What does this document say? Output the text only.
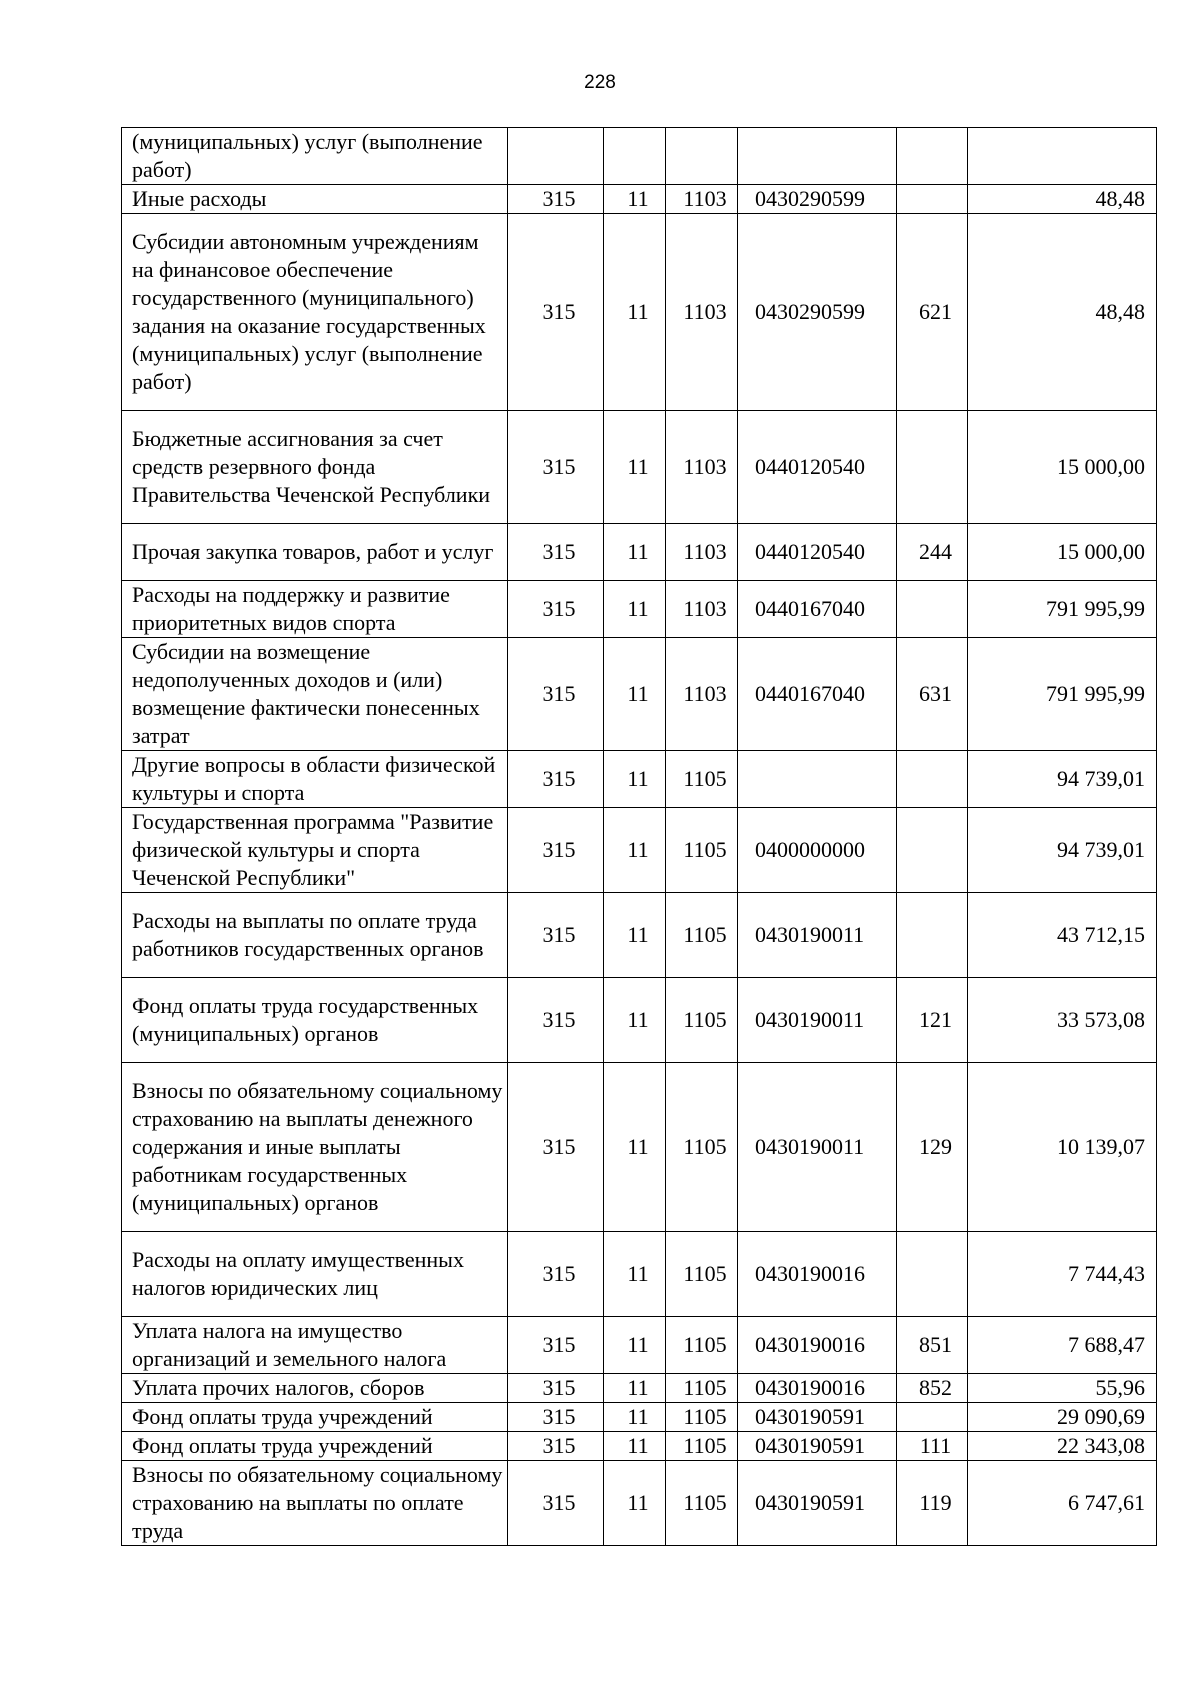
228
(муниципальных) услуг (выполнение работ)						
Иные расходы	315	11	1103	0430290599		48,48
Субсидии автономным учреждениям на финансовое обеспечение государственного (муниципального) задания на оказание государственных (муниципальных) услуг (выполнение работ)	315	11	1103	0430290599	621	48,48
Бюджетные ассигнования за счет средств резервного фонда Правительства Чеченской Республики	315	11	1103	0440120540		15 000,00
Прочая закупка товаров, работ и услуг	315	11	1103	0440120540	244	15 000,00
Расходы на поддержку и развитие приоритетных видов спорта	315	11	1103	0440167040		791 995,99
Субсидии на возмещение недополученных доходов и (или) возмещение фактически понесенных затрат	315	11	1103	0440167040	631	791 995,99
Другие вопросы в области физической культуры и спорта	315	11	1105			94 739,01
Государственная программа "Развитие физической культуры и спорта Чеченской Республики"	315	11	1105	0400000000		94 739,01
Расходы на выплаты по оплате труда работников государственных органов	315	11	1105	0430190011		43 712,15
Фонд оплаты труда государственных (муниципальных) органов	315	11	1105	0430190011	121	33 573,08
Взносы по обязательному социальному страхованию на выплаты денежного содержания и иные выплаты работникам государственных (муниципальных) органов	315	11	1105	0430190011	129	10 139,07
Расходы на оплату имущественных налогов юридических лиц	315	11	1105	0430190016		7 744,43
Уплата налога на имущество организаций и земельного налога	315	11	1105	0430190016	851	7 688,47
Уплата прочих налогов, сборов	315	11	1105	0430190016	852	55,96
Фонд оплаты труда учреждений	315	11	1105	0430190591		29 090,69
Фонд оплаты труда учреждений	315	11	1105	0430190591	111	22 343,08
Взносы по обязательному социальному страхованию на выплаты по оплате труда	315	11	1105	0430190591	119	6 747,61
